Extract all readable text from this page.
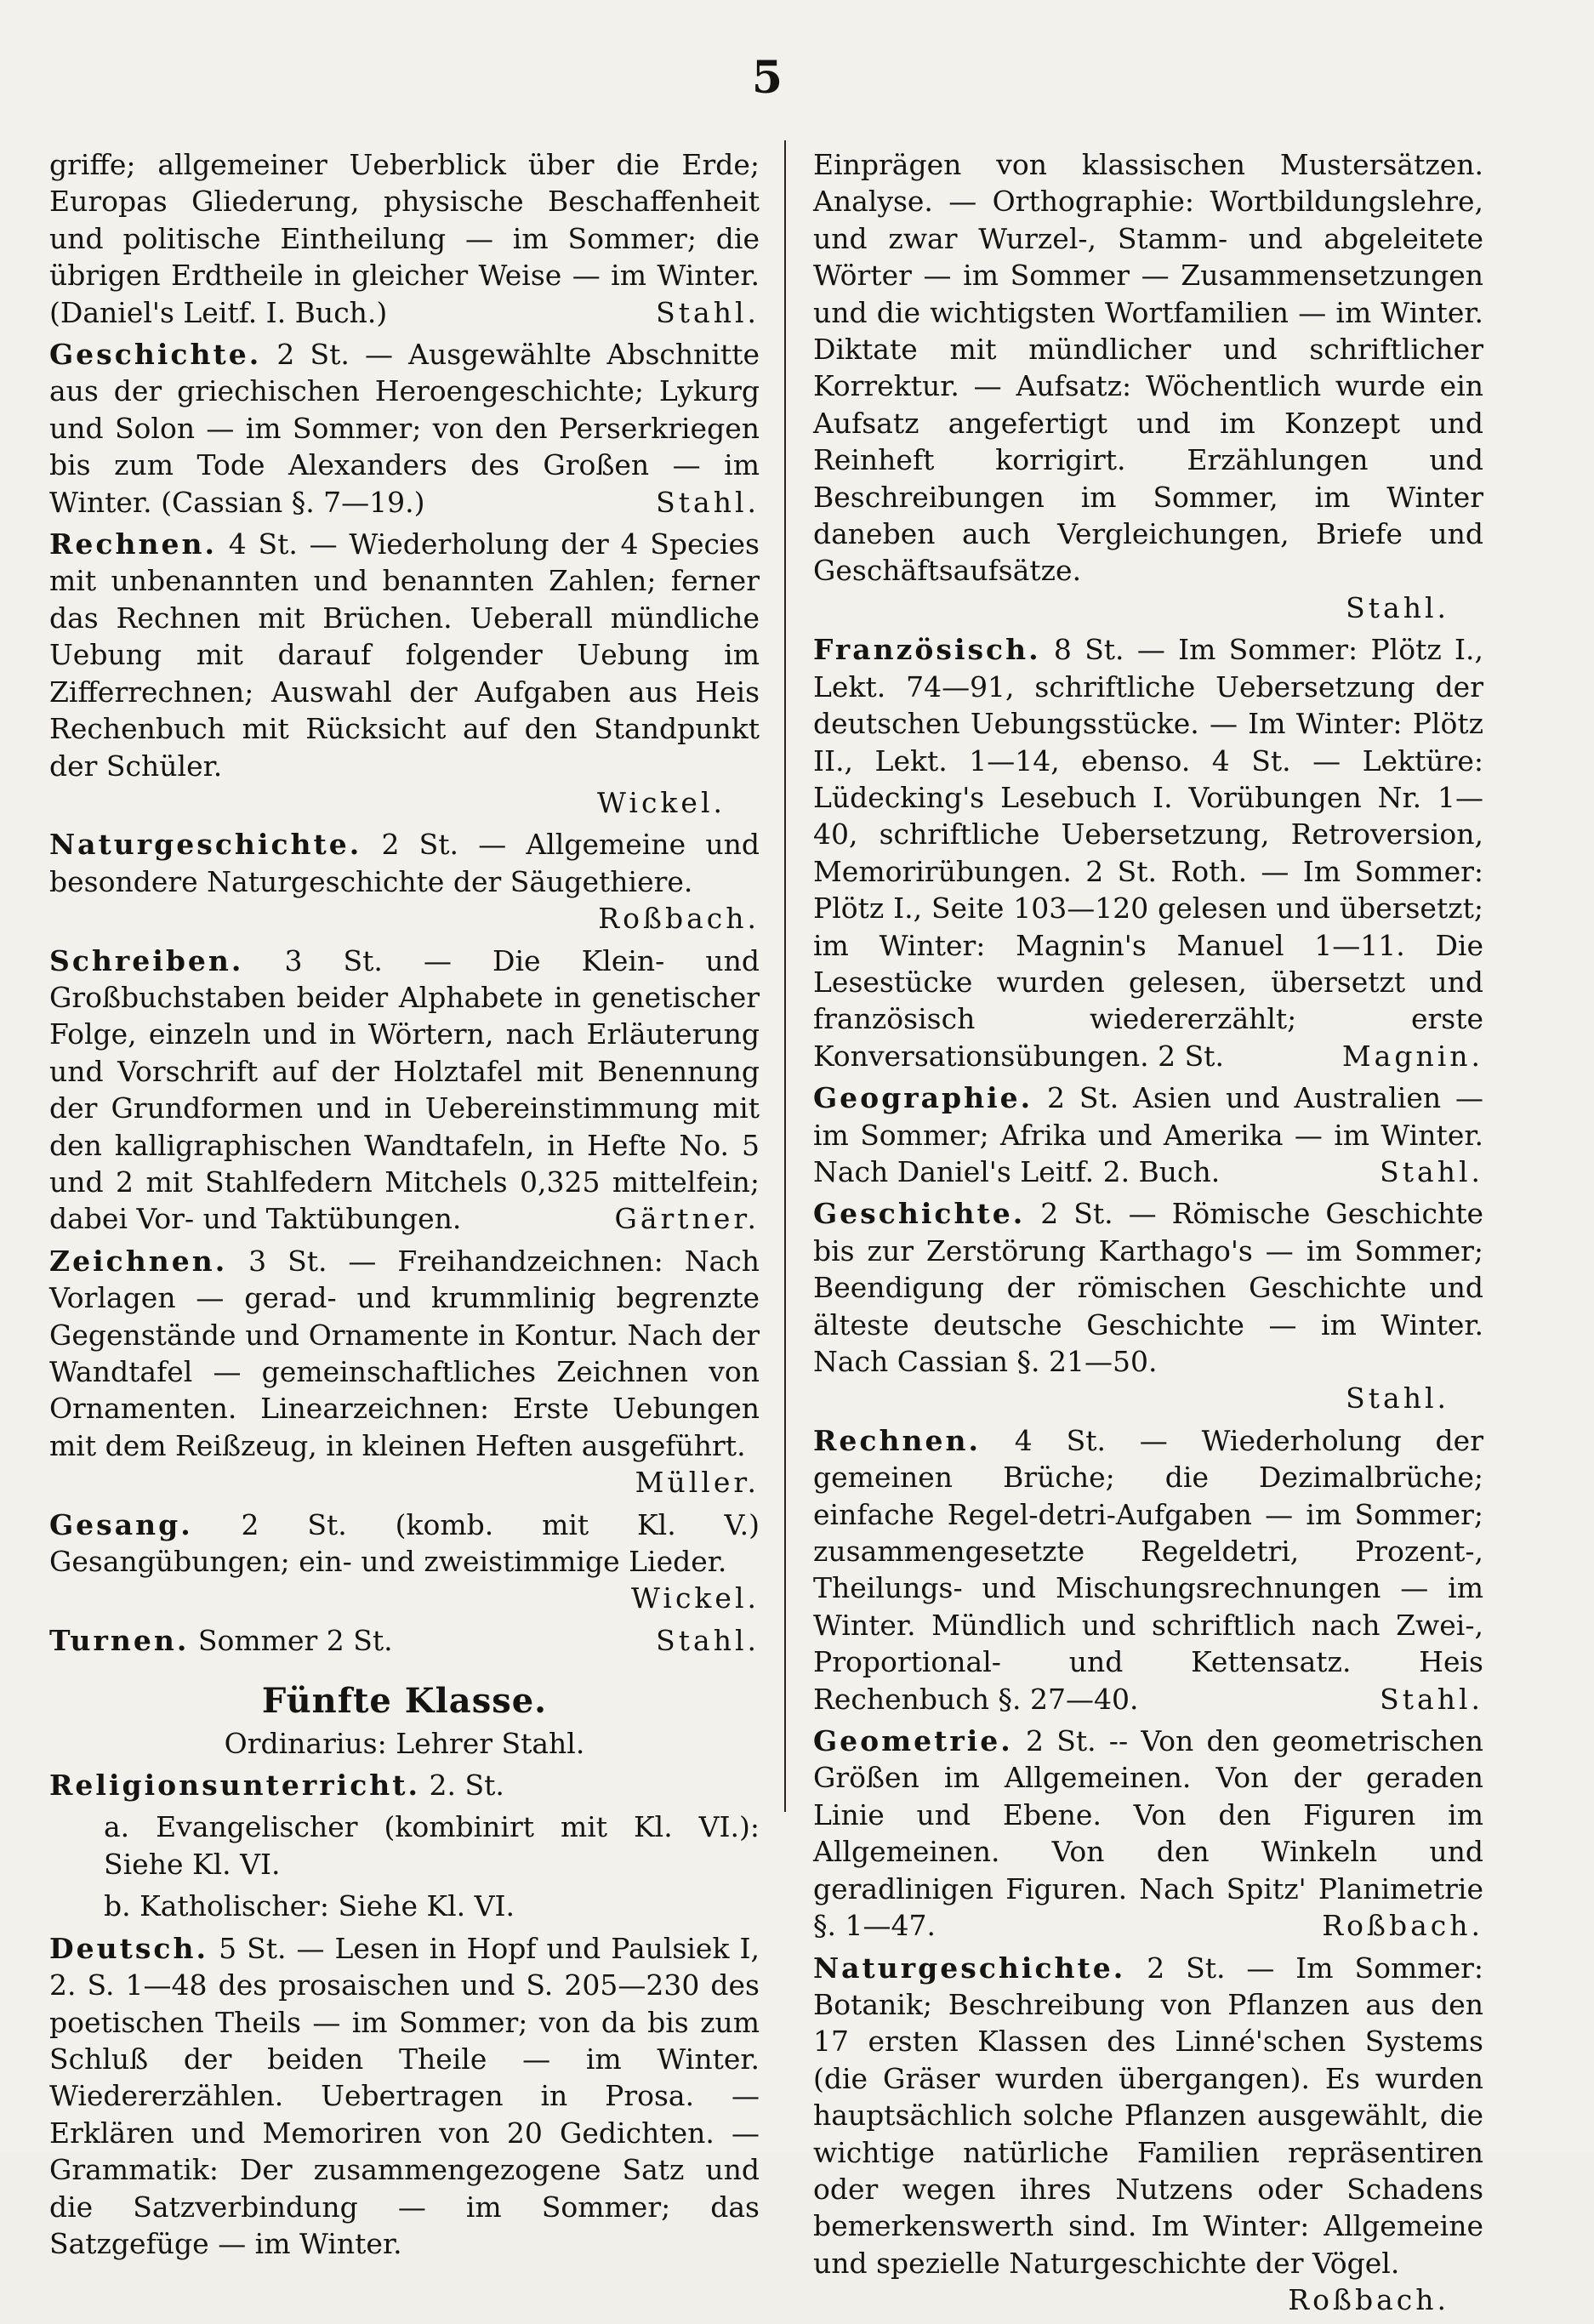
5
griffe; allgemeiner Ueberblick über die Erde; Europas Gliederung, physische Beschaffenheit und politische Eintheilung — im Sommer; die übrigen Erdtheile in gleicher Weise — im Winter. (Daniel's Leitf. I. Buch.)	Stahl.
Geschichte. 2 St. — Ausgewählte Abschnitte aus der griechischen Heroengeschichte; Lykurg und Solon — im Sommer; von den Perserkriegen bis zum Tode Alexanders des Großen — im Winter. (Cassian §. 7—19.)	Stahl.
Rechnen. 4 St. — Wiederholung der 4 Species mit unbenannten und benannten Zahlen; ferner das Rechnen mit Brüchen. Ueberall mündliche Uebung mit darauf folgender Uebung im Zifferrechnen; Auswahl der Aufgaben aus Heis Rechenbuch mit Rücksicht auf den Standpunkt der Schüler.
Wickel.
Naturgeschichte. 2 St. — Allgemeine und besondere Naturgeschichte der Säugethiere.
Roßbach.
Schreiben. 3 St. — Die Klein- und Großbuchstaben beider Alphabete in genetischer Folge, einzeln und in Wörtern, nach Erläuterung und Vorschrift auf der Holztafel mit Benennung der Grundformen und in Uebereinstimmung mit den kalligraphischen Wandtafeln, in Hefte No. 5 und 2 mit Stahlfedern Mitchels 0,325 mittelfein; dabei Vor- und Taktübungen.	Gärtner.
Zeichnen. 3 St. — Freihandzeichnen: Nach Vorlagen — gerad- und krummlinig begrenzte Gegenstände und Ornamente in Kontur. Nach der Wandtafel — gemeinschaftliches Zeichnen von Ornamenten. Linearzeichnen: Erste Uebungen mit dem Reißzeug, in kleinen Heften ausgeführt.
Müller.
Gesang. 2 St. (komb. mit Kl. V.) Gesangübungen; ein- und zweistimmige Lieder.
Wickel.
Turnen. Sommer 2 St.	Stahl.
Fünfte Klasse.
Ordinarius: Lehrer Stahl.
Religionsunterricht. 2. St.
a. Evangelischer (kombinirt mit Kl. VI.): Siehe Kl. VI.
b. Katholischer: Siehe Kl. VI.
Deutsch. 5 St. — Lesen in Hopf und Paulsiek I, 2. S. 1—48 des prosaischen und S. 205—230 des poetischen Theils — im Sommer; von da bis zum Schluß der beiden Theile — im Winter. Wiedererzählen. Uebertragen in Prosa. — Erklären und Memoriren von 20 Gedichten. — Grammatik: Der zusammengezogene Satz und die Satzverbindung — im Sommer; das Satzgefüge — im Winter.
Einprägen von klassischen Mustersätzen. Analyse. — Orthographie: Wortbildungslehre, und zwar Wurzel-, Stamm- und abgeleitete Wörter — im Sommer — Zusammensetzungen und die wichtigsten Wortfamilien — im Winter. Diktate mit mündlicher und schriftlicher Korrektur. — Aufsatz: Wöchentlich wurde ein Aufsatz angefertigt und im Konzept und Reinheft korrigirt. Erzählungen und Beschreibungen im Sommer, im Winter daneben auch Vergleichungen, Briefe und Geschäftsaufsätze.
Stahl.
Französisch. 8 St. — Im Sommer: Plötz I., Lekt. 74—91, schriftliche Uebersetzung der deutschen Uebungsstücke. — Im Winter: Plötz II., Lekt. 1—14, ebenso. 4 St. — Lektüre: Lüdecking's Lesebuch I. Vorübungen Nr. 1—40, schriftliche Uebersetzung, Retroversion, Memorirübungen. 2 St. Roth. — Im Sommer: Plötz I., Seite 103—120 gelesen und übersetzt; im Winter: Magnin's Manuel 1—11. Die Lesestücke wurden gelesen, übersetzt und französisch wiedererzählt; erste Konversationsübungen. 2 St.	Magnin.
Geographie. 2 St. Asien und Australien — im Sommer; Afrika und Amerika — im Winter. Nach Daniel's Leitf. 2. Buch.	Stahl.
Geschichte. 2 St. — Römische Geschichte bis zur Zerstörung Karthago's — im Sommer; Beendigung der römischen Geschichte und älteste deutsche Geschichte — im Winter. Nach Cassian §. 21—50.
Stahl.
Rechnen. 4 St. — Wiederholung der gemeinen Brüche; die Dezimalbrüche; einfache Regel-detri-Aufgaben — im Sommer; zusammengesetzte Regeldetri, Prozent-, Theilungs- und Mischungsrechnungen — im Winter. Mündlich und schriftlich nach Zwei-, Proportional- und Kettensatz. Heis Rechenbuch §. 27—40.	Stahl.
Geometrie. 2 St. -- Von den geometrischen Größen im Allgemeinen. Von der geraden Linie und Ebene. Von den Figuren im Allgemeinen. Von den Winkeln und geradlinigen Figuren. Nach Spitz' Planimetrie §. 1—47.	Roßbach.
Naturgeschichte. 2 St. — Im Sommer: Botanik; Beschreibung von Pflanzen aus den 17 ersten Klassen des Linné'schen Systems (die Gräser wurden übergangen). Es wurden hauptsächlich solche Pflanzen ausgewählt, die wichtige natürliche Familien repräsentiren oder wegen ihres Nutzens oder Schadens bemerkenswerth sind. Im Winter: Allgemeine und spezielle Naturgeschichte der Vögel.
Roßbach.
